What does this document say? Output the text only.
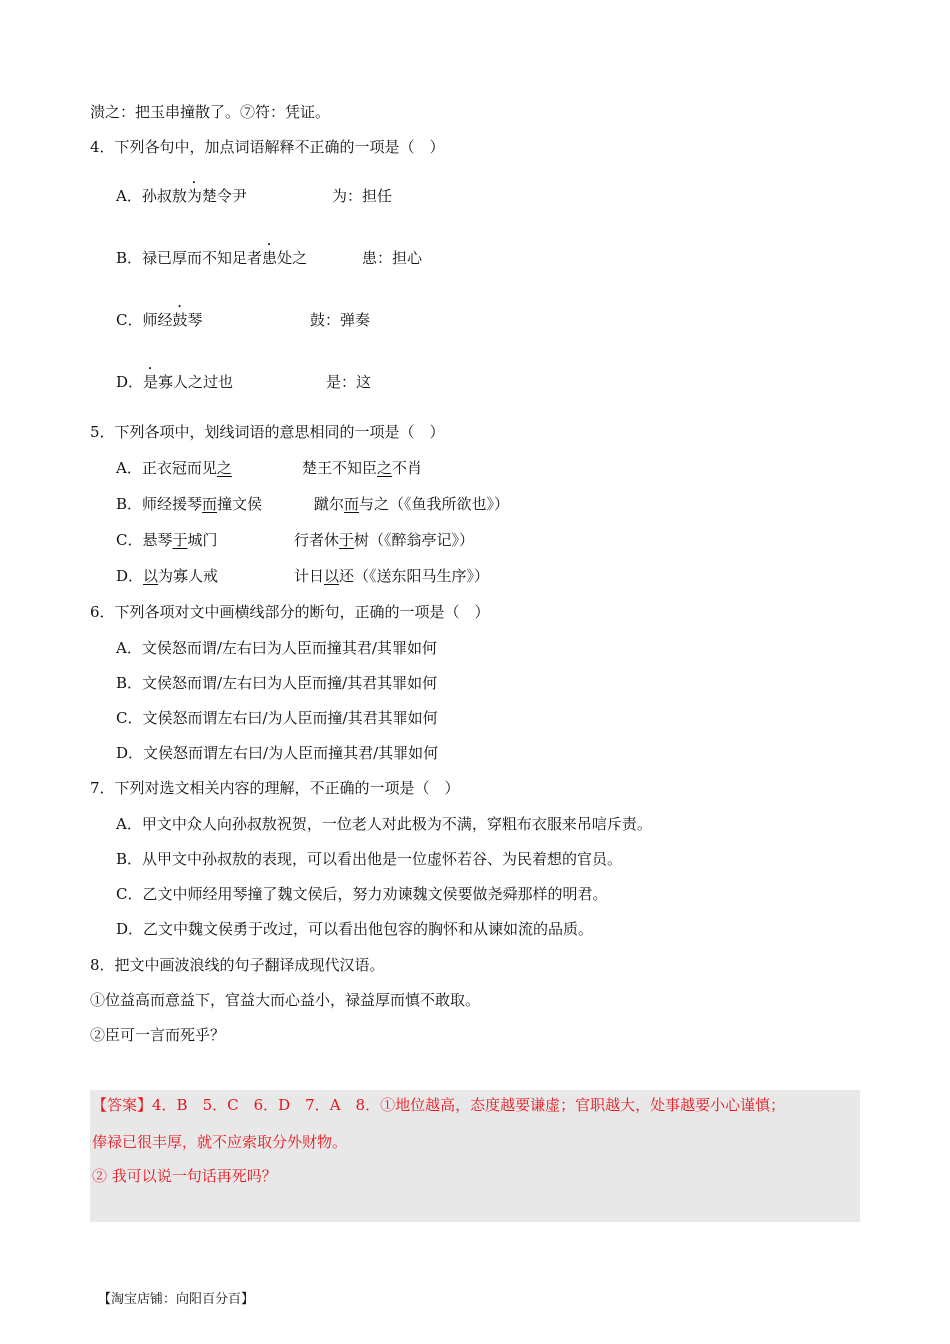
溃之：把玉串撞散了。⑦符：凭证。
4．下列各句中，加点词语解释不正确的一项是（　）
A．孙叔敖为楚令尹	为：担任
B．禄已厚而不知足者患处之	患：担心
C．师经鼓琴	鼓：弹奏
D．是寡人之过也	是：这
5．下列各项中，划线词语的意思相同的一项是（　）
A．正衣冠而见之	楚王不知臣之不肖
B．师经援琴而撞文侯	蹴尔而与之（《鱼我所欲也》）
C．悬琴于城门	行者休于树（《醉翁亭记》）
D．以为寡人戒	计日以还（《送东阳马生序》）
6．下列各项对文中画横线部分的断句，正确的一项是（　）
A．文侯怒而谓/左右曰为人臣而撞其君/其罪如何
B．文侯怒而谓/左右曰为人臣而撞/其君其罪如何
C．文侯怒而谓左右曰/为人臣而撞/其君其罪如何
D．文侯怒而谓左右曰/为人臣而撞其君/其罪如何
7．下列对选文相关内容的理解，不正确的一项是（　）
A．甲文中众人向孙叔敖祝贺，一位老人对此极为不满，穿粗布衣服来吊唁斥责。
B．从甲文中孙叔敖的表现，可以看出他是一位虚怀若谷、为民着想的官员。
C．乙文中师经用琴撞了魏文侯后，努力劝谏魏文侯要做尧舜那样的明君。
D．乙文中魏文侯勇于改过，可以看出他包容的胸怀和从谏如流的品质。
8．把文中画波浪线的句子翻译成现代汉语。
①位益高而意益下，官益大而心益小，禄益厚而慎不敢取。
②臣可一言而死乎？
【答案】4．B　5．C　6．D　7．A　8．①地位越高，态度越要谦虚；官职越大，处事越要小心谨慎；
俸禄已很丰厚，就不应索取分外财物。
② 我可以说一句话再死吗？
【淘宝店铺：向阳百分百】
